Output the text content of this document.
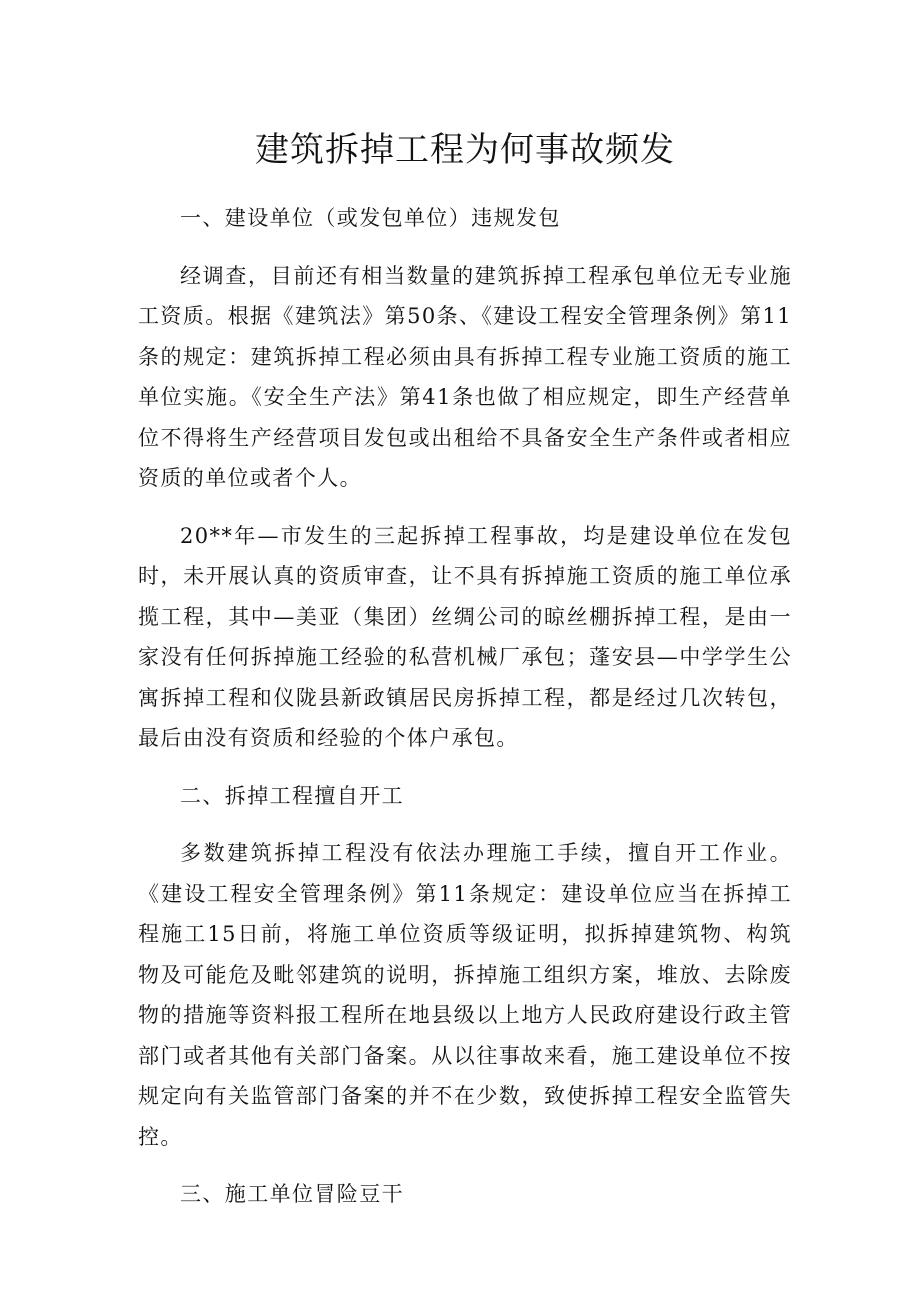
建筑拆掉工程为何事故频发

一、建设单位（或发包单位）违规发包

经调查，目前还有相当数量的建筑拆掉工程承包单位无专业施工资质。根据《建筑法》第50条、《建设工程安全管理条例》第11条的规定：建筑拆掉工程必须由具有拆掉工程专业施工资质的施工单位实施。《安全生产法》第41条也做了相应规定，即生产经营单位不得将生产经营项目发包或出租给不具备安全生产条件或者相应资质的单位或者个人。

20**年—市发生的三起拆掉工程事故，均是建设单位在发包时，未开展认真的资质审查，让不具有拆掉施工资质的施工单位承揽工程，其中—美亚（集团）丝绸公司的晾丝棚拆掉工程，是由一家没有任何拆掉施工经验的私营机械厂承包；蓬安县—中学学生公寓拆掉工程和仪陇县新政镇居民房拆掉工程，都是经过几次转包，最后由没有资质和经验的个体户承包。

二、拆掉工程擅自开工

多数建筑拆掉工程没有依法办理施工手续，擅自开工作业。《建设工程安全管理条例》第11条规定：建设单位应当在拆掉工程施工15日前，将施工单位资质等级证明，拟拆掉建筑物、构筑物及可能危及毗邻建筑的说明，拆掉施工组织方案，堆放、去除废物的措施等资料报工程所在地县级以上地方人民政府建设行政主管部门或者其他有关部门备案。从以往事故来看，施工建设单位不按规定向有关监管部门备案的并不在少数，致使拆掉工程安全监管失控。

三、施工单位冒险豆干
